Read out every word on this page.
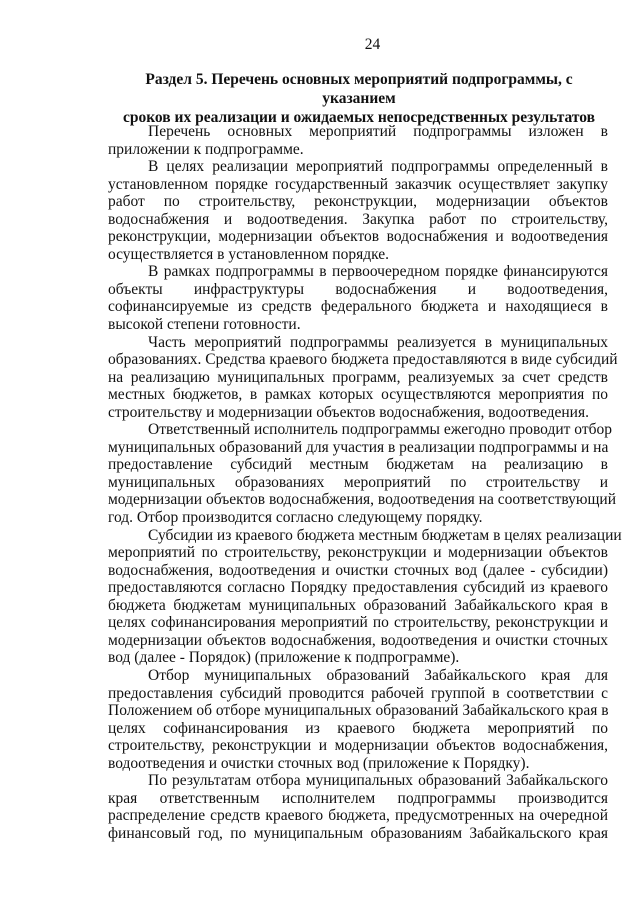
24
Раздел 5. Перечень основных мероприятий подпрограммы, с указанием
сроков их реализации и ожидаемых непосредственных результатов
Перечень основных мероприятий подпрограммы изложен в
приложении к подпрограмме.
В целях реализации мероприятий подпрограммы определенный в
установленном порядке государственный заказчик осуществляет закупку
работ по строительству, реконструкции, модернизации объектов
водоснабжения и водоотведения. Закупка работ по строительству,
реконструкции, модернизации объектов водоснабжения и водоотведения
осуществляется в установленном порядке.
В рамках подпрограммы в первоочередном порядке финансируются
объекты инфраструктуры водоснабжения и водоотведения,
софинансируемые из средств федерального бюджета и находящиеся в
высокой степени готовности.
Часть мероприятий подпрограммы реализуется в муниципальных
образованиях. Средства краевого бюджета предоставляются в виде субсидий
на реализацию муниципальных программ, реализуемых за счет средств
местных бюджетов, в рамках которых осуществляются мероприятия по
строительству и модернизации объектов водоснабжения, водоотведения.
Ответственный исполнитель подпрограммы ежегодно проводит отбор
муниципальных образований для участия в реализации подпрограммы и на
предоставление субсидий местным бюджетам на реализацию в
муниципальных образованиях мероприятий по строительству и
модернизации объектов водоснабжения, водоотведения на соответствующий
год. Отбор производится согласно следующему порядку.
Субсидии из краевого бюджета местным бюджетам в целях реализации
мероприятий по строительству, реконструкции и модернизации объектов
водоснабжения, водоотведения и очистки сточных вод (далее - субсидии)
предоставляются согласно Порядку предоставления субсидий из краевого
бюджета бюджетам муниципальных образований Забайкальского края в
целях софинансирования мероприятий по строительству, реконструкции и
модернизации объектов водоснабжения, водоотведения и очистки сточных
вод (далее - Порядок) (приложение к подпрограмме).
Отбор муниципальных образований Забайкальского края для
предоставления субсидий проводится рабочей группой в соответствии с
Положением об отборе муниципальных образований Забайкальского края в
целях софинансирования из краевого бюджета мероприятий по
строительству, реконструкции и модернизации объектов водоснабжения,
водоотведения и очистки сточных вод (приложение к Порядку).
По результатам отбора муниципальных образований Забайкальского
края ответственным исполнителем подпрограммы производится
распределение средств краевого бюджета, предусмотренных на очередной
финансовый год, по муниципальным образованиям Забайкальского края
